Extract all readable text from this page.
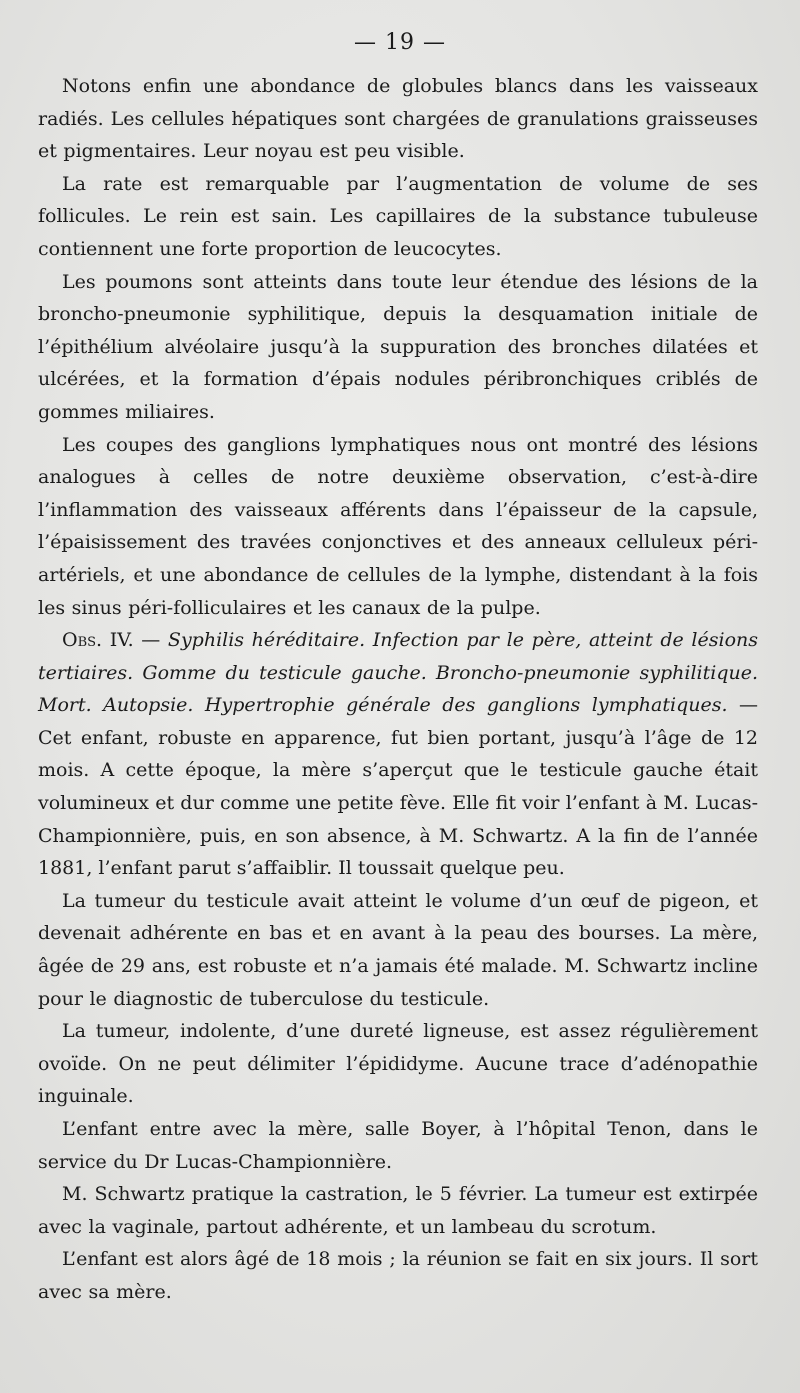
— 19 —

Notons enfin une abondance de globules blancs dans les vaisseaux radiés. Les cellules hépatiques sont chargées de granulations graisseuses et pigmentaires. Leur noyau est peu visible.

La rate est remarquable par l’augmentation de volume de ses follicules. Le rein est sain. Les capillaires de la substance tubuleuse contiennent une forte proportion de leucocytes.

Les poumons sont atteints dans toute leur étendue des lésions de la broncho-pneumonie syphilitique, depuis la desquamation initiale de l’épithélium alvéolaire jusqu’à la suppuration des bronches dilatées et ulcérées, et la formation d’épais nodules péribronchiques criblés de gommes miliaires.

Les coupes des ganglions lymphatiques nous ont montré des lésions analogues à celles de notre deuxième observation, c’est-à-dire l’inflammation des vaisseaux afférents dans l’épaisseur de la capsule, l’épaisissement des travées conjonctives et des anneaux celluleux péri-artériels, et une abondance de cellules de la lymphe, distendant à la fois les sinus péri-folliculaires et les canaux de la pulpe.

Obs. IV. — Syphilis héréditaire. Infection par le père, atteint de lésions tertiaires. Gomme du testicule gauche. Broncho-pneumonie syphilitique. Mort. Autopsie. Hypertrophie générale des ganglions lymphatiques. — Cet enfant, robuste en apparence, fut bien portant, jusqu’à l’âge de 12 mois. A cette époque, la mère s’aperçut que le testicule gauche était volumineux et dur comme une petite fève. Elle fit voir l’enfant à M. Lucas-Championnière, puis, en son absence, à M. Schwartz. A la fin de l’année 1881, l’enfant parut s’affaiblir. Il toussait quelque peu.

La tumeur du testicule avait atteint le volume d’un œuf de pigeon, et devenait adhérente en bas et en avant à la peau des bourses. La mère, âgée de 29 ans, est robuste et n’a jamais été malade. M. Schwartz incline pour le diagnostic de tuberculose du testicule.

La tumeur, indolente, d’une dureté ligneuse, est assez régulièrement ovoïde. On ne peut délimiter l’épididyme. Aucune trace d’adénopathie inguinale.

L’enfant entre avec la mère, salle Boyer, à l’hôpital Tenon, dans le service du Dr Lucas-Championnière.

M. Schwartz pratique la castration, le 5 février. La tumeur est extirpée avec la vaginale, partout adhérente, et un lambeau du scrotum.

L’enfant est alors âgé de 18 mois ; la réunion se fait en six jours. Il sort avec sa mère.
